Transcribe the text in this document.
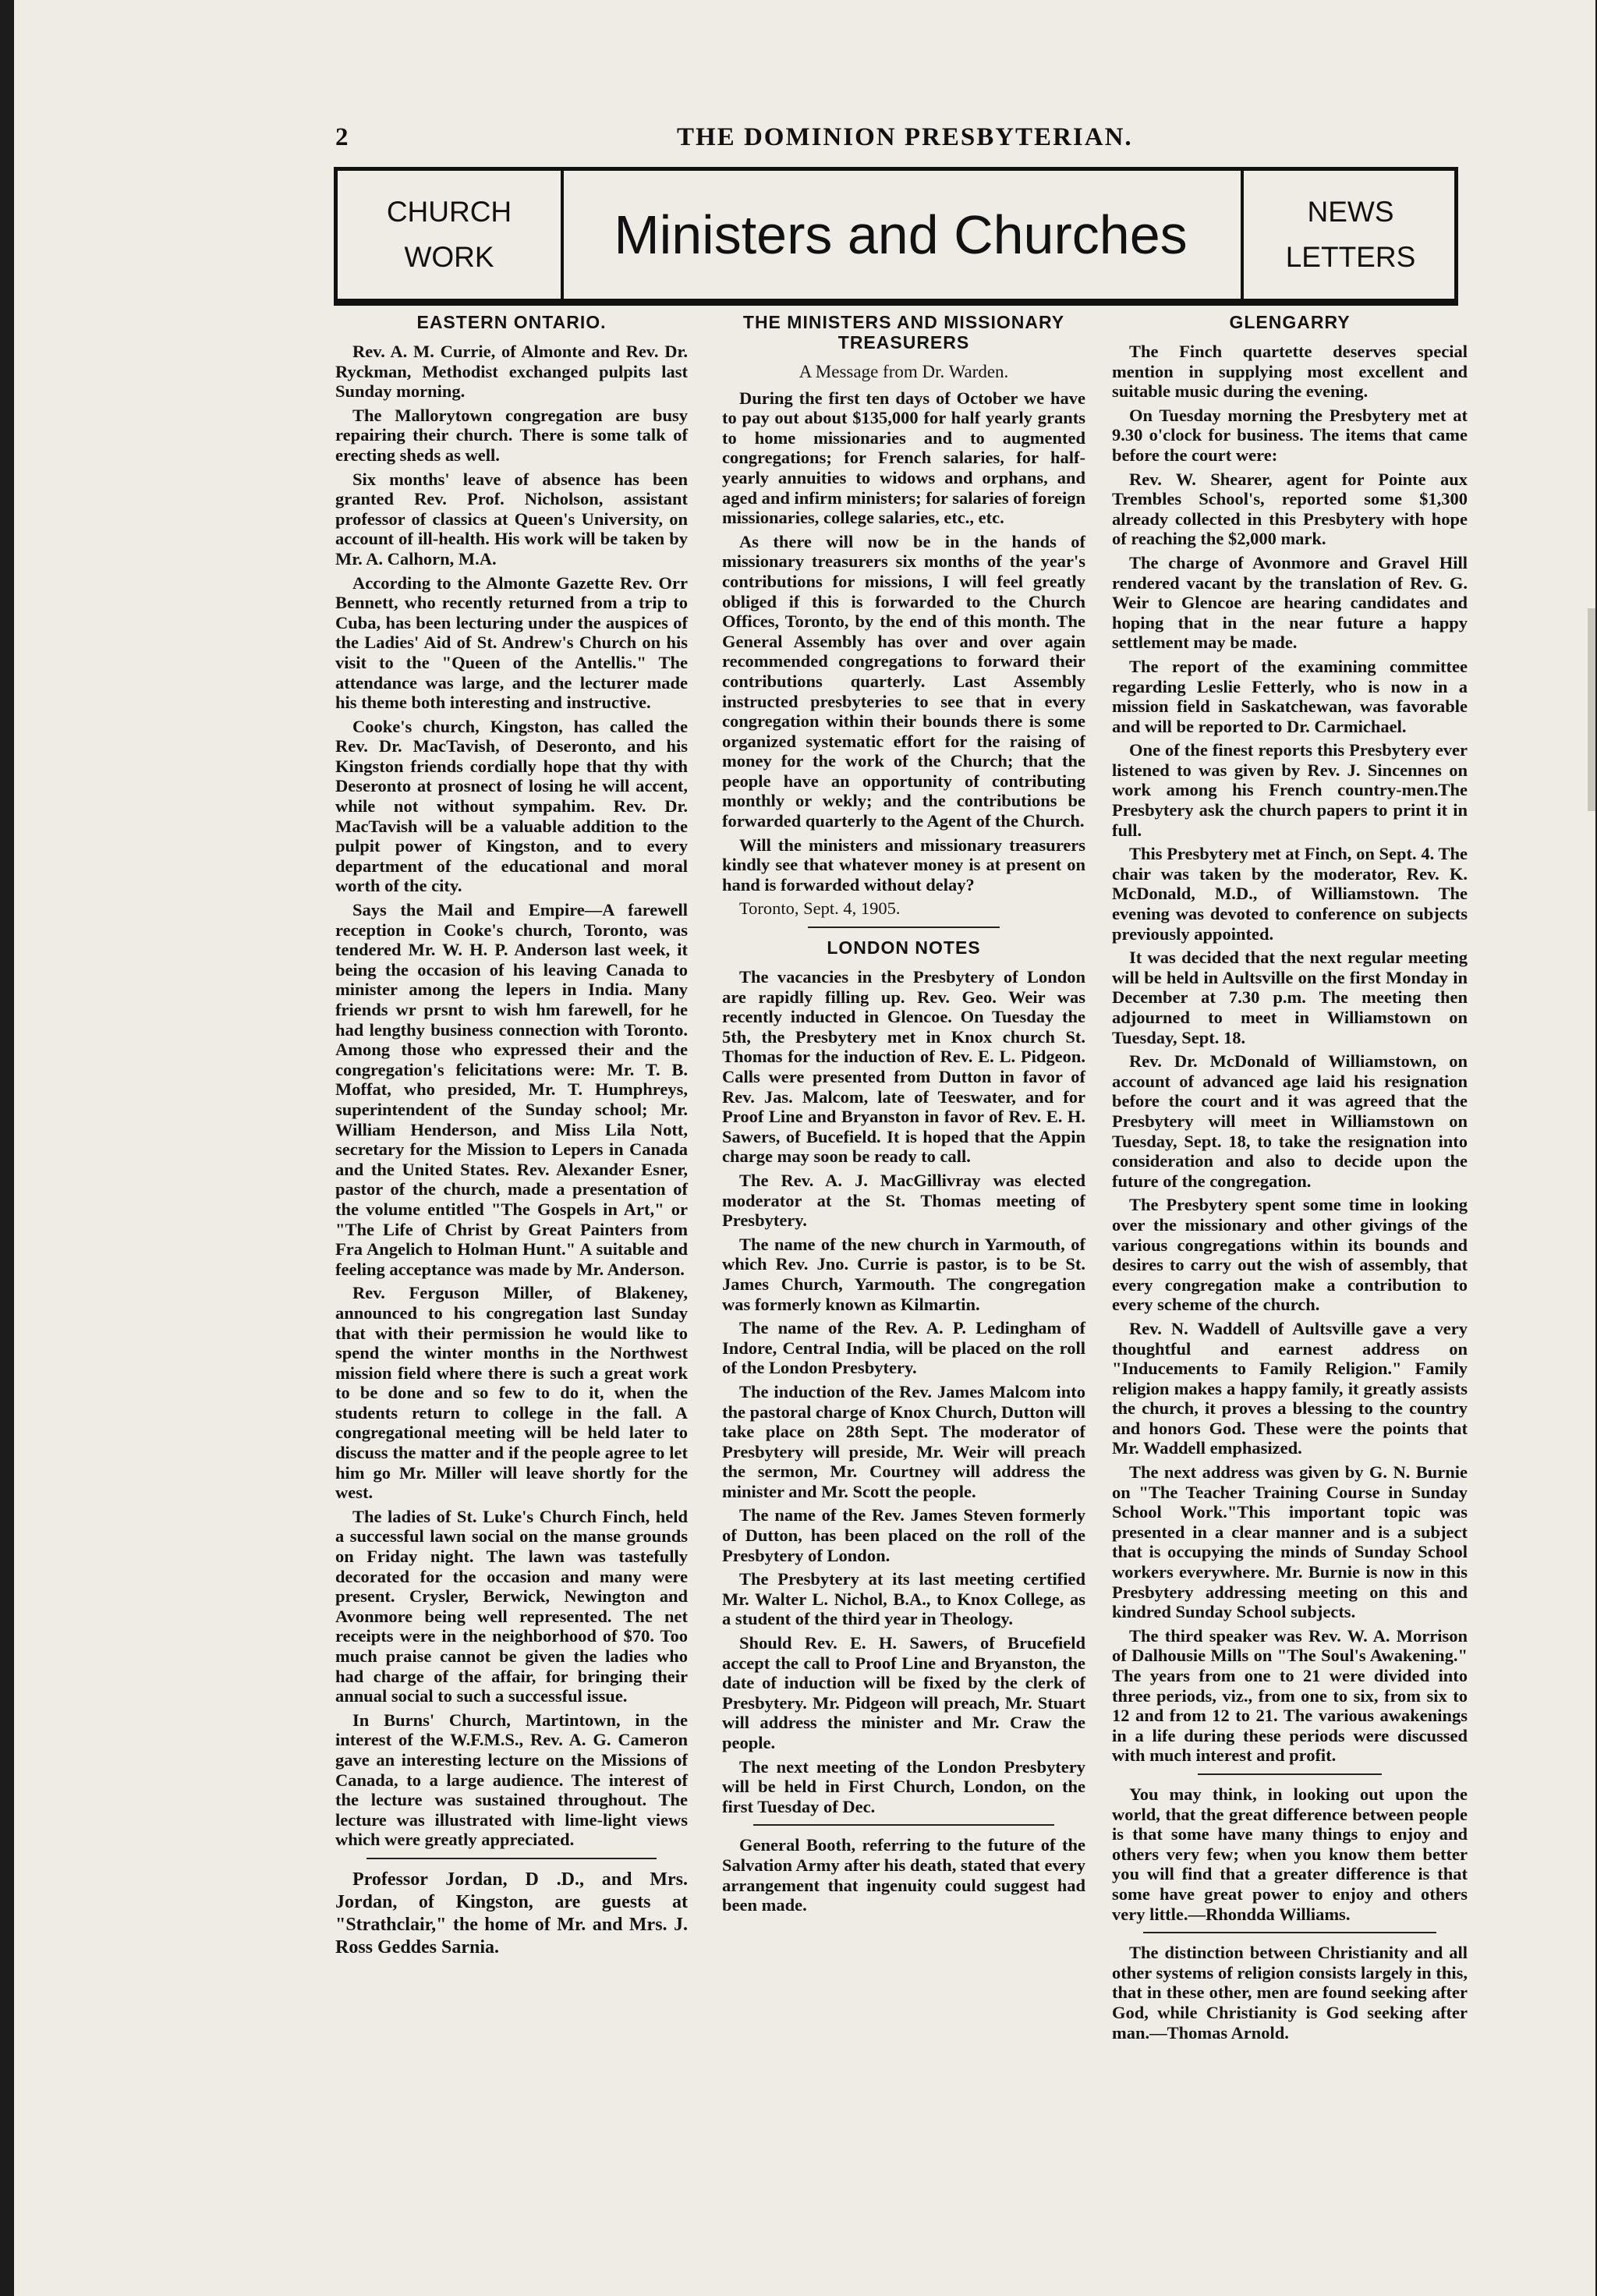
2	THE DOMINION PRESBYTERIAN.
CHURCH
WORK Ministers and Churches	NEWS
LETTERS
EASTERN ONTARIO.

Rev. A. M. Currie, of Almonte and Rev. Dr. Ryckman, Methodist exchanged pulpits last Sunday morning.

The Mallorytown congregation are busy repairing their church. There is some talk of erecting sheds as well.

Six months' leave of absence has been granted Rev. Prof. Nicholson, assistant professor of classics at Queen's University, on account of ill-health. His work will be taken by Mr. A. Calhorn, M.A.

According to the Almonte Gazette Rev. Orr Bennett, who recently returned from a trip to Cuba, has been lecturing under the auspices of the Ladies' Aid of St. Andrew's Church on his visit to the "Queen of the Antellis." The attendance was large, and the lecturer made his theme both interesting and instructive.

Cooke's church, Kingston, has called the Rev. Dr. MacTavish, of Deseronto, and his Kingston friends cordially hope that thy with Deseronto at prosnect of losing he will accent, while not without sympahim. Rev. Dr. MacTavish will be a valuable addition to the pulpit power of Kingston, and to every department of the educational and moral worth of the city.

Says the Mail and Empire—A farewell reception in Cooke's church, Toronto, was tendered Mr. W. H. P. Anderson last week, it being the occasion of his leaving Canada to minister among the lepers in India. Many friends wr prsnt to wish hm farewell, for he had lengthy business connection with Toronto. Among those who expressed their and the congregation's felicitations were: Mr. T. B. Moffat, who presided, Mr. T. Humphreys, superintendent of the Sunday school; Mr. William Henderson, and Miss Lila Nott, secretary for the Mission to Lepers in Canada and the United States. Rev. Alexander Esner, pastor of the church, made a presentation of the volume entitled "The Gospels in Art," or "The Life of Christ by Great Painters from Fra Angelich to Holman Hunt." A suitable and feeling acceptance was made by Mr. Anderson.

Rev. Ferguson Miller, of Blakeney, announced to his congregation last Sunday that with their permission he would like to spend the winter months in the Northwest mission field where there is such a great work to be done and so few to do it, when the students return to college in the fall. A congregational meeting will be held later to discuss the matter and if the people agree to let him go Mr. Miller will leave shortly for the west.

The ladies of St. Luke's Church Finch, held a successful lawn social on the manse grounds on Friday night. The lawn was tastefully decorated for the occasion and many were present. Crysler, Berwick, Newington and Avonmore being well represented. The net receipts were in the neighborhood of $70. Too much praise cannot be given the ladies who had charge of the affair, for bringing their annual social to such a successful issue.

In Burns' Church, Martintown, in the interest of the W.F.M.S., Rev. A. G. Cameron gave an interesting lecture on the Missions of Canada, to a large audience. The interest of the lecture was sustained throughout. The lecture was illustrated with lime-light views which were greatly appreciated.

Professor Jordan, D .D., and Mrs. Jordan, of Kingston, are guests at "Strathclair," the home of Mr. and Mrs. J. Ross Geddes Sarnia.

THE MINISTERS AND MISSIONARY TREASURERS
A Message from Dr. Warden.

During the first ten days of October we have to pay out about $135,000 for half yearly grants to home missionaries and to augmented congregations; for French salaries, for half-yearly annuities to widows and orphans, and aged and infirm ministers; for salaries of foreign missionaries, college salaries, etc., etc.

As there will now be in the hands of missionary treasurers six months of the year's contributions for missions, I will feel greatly obliged if this is forwarded to the Church Offices, Toronto, by the end of this month. The General Assembly has over and over again recommended congregations to forward their contributions quarterly. Last Assembly instructed presbyteries to see that in every congregation within their bounds there is some organized systematic effort for the raising of money for the work of the Church; that the people have an opportunity of contributing monthly or wekly; and the contributions be forwarded quarterly to the Agent of the Church.

Will the ministers and missionary treasurers kindly see that whatever money is at present on hand is forwarded without delay?

Toronto, Sept. 4, 1905.

LONDON NOTES

The vacancies in the Presbytery of London are rapidly filling up. Rev. Geo. Weir was recently inducted in Glencoe. On Tuesday the 5th, the Presbytery met in Knox church St. Thomas for the induction of Rev. E. L. Pidgeon. Calls were presented from Dutton in favor of Rev. Jas. Malcom, late of Teeswater, and for Proof Line and Bryanston in favor of Rev. E. H. Sawers, of Bucefield. It is hoped that the Appin charge may soon be ready to call.

The Rev. A. J. MacGillivray was elected moderator at the St. Thomas meeting of Presbytery.

The name of the new church in Yarmouth, of which Rev. Jno. Currie is pastor, is to be St. James Church, Yarmouth. The congregation was formerly known as Kilmartin.

The name of the Rev. A. P. Ledingham of Indore, Central India, will be placed on the roll of the London Presbytery.

The induction of the Rev. James Malcom into the pastoral charge of Knox Church, Dutton will take place on 28th Sept. The moderator of Presbytery will preside, Mr. Weir will preach the sermon, Mr. Courtney will address the minister and Mr. Scott the people.

The name of the Rev. James Steven formerly of Dutton, has been placed on the roll of the Presbytery of London.

The Presbytery at its last meeting certified Mr. Walter L. Nichol, B.A., to Knox College, as a student of the third year in Theology.

Should Rev. E. H. Sawers, of Brucefield accept the call to Proof Line and Bryanston, the date of induction will be fixed by the clerk of Presbytery. Mr. Pidgeon will preach, Mr. Stuart will address the minister and Mr. Craw the people.

The next meeting of the London Presbytery will be held in First Church, London, on the first Tuesday of Dec.

General Booth, referring to the future of the Salvation Army after his death, stated that every arrangement that ingenuity could suggest had been made.

GLENGARRY

The Finch quartette deserves special mention in supplying most excellent and suitable music during the evening.

On Tuesday morning the Presbytery met at 9.30 o'clock for business. The items that came before the court were:

Rev. W. Shearer, agent for Pointe aux Trembles School's, reported some $1,300 already collected in this Presbytery with hope of reaching the $2,000 mark.

The charge of Avonmore and Gravel Hill rendered vacant by the translation of Rev. G. Weir to Glencoe are hearing candidates and hoping that in the near future a happy settlement may be made.

The report of the examining committee regarding Leslie Fetterly, who is now in a mission field in Saskatchewan, was favorable and will be reported to Dr. Carmichael.

One of the finest reports this Presbytery ever listened to was given by Rev. J. Sincennes on work among his French country-men.The Presbytery ask the church papers to print it in full.

This Presbytery met at Finch, on Sept. 4. The chair was taken by the moderator, Rev. K. McDonald, M.D., of Williamstown. The evening was devoted to conference on subjects previously appointed.

It was decided that the next regular meeting will be held in Aultsville on the first Monday in December at 7.30 p.m. The meeting then adjourned to meet in Williamstown on Tuesday, Sept. 18.

Rev. Dr. McDonald of Williamstown, on account of advanced age laid his resignation before the court and it was agreed that the Presbytery will meet in Williamstown on Tuesday, Sept. 18, to take the resignation into consideration and also to decide upon the future of the congregation.

The Presbytery spent some time in looking over the missionary and other givings of the various congregations within its bounds and desires to carry out the wish of assembly, that every congregation make a contribution to every scheme of the church.

Rev. N. Waddell of Aultsville gave a very thoughtful and earnest address on "Inducements to Family Religion." Family religion makes a happy family, it greatly assists the church, it proves a blessing to the country and honors God. These were the points that Mr. Waddell emphasized.

The next address was given by G. N. Burnie on "The Teacher Training Course in Sunday School Work."This important topic was presented in a clear manner and is a subject that is occupying the minds of Sunday School workers everywhere. Mr. Burnie is now in this Presbytery addressing meeting on this and kindred Sunday School subjects.

The third speaker was Rev. W. A. Morrison of Dalhousie Mills on "The Soul's Awakening." The years from one to 21 were divided into three periods, viz., from one to six, from six to 12 and from 12 to 21. The various awakenings in a life during these periods were discussed with much interest and profit.

You may think, in looking out upon the world, that the great difference between people is that some have many things to enjoy and others very few; when you know them better you will find that a greater difference is that some have great power to enjoy and others very little.—Rhondda Williams.

The distinction between Christianity and all other systems of religion consists largely in this, that in these other, men are found seeking after God, while Christianity is God seeking after man.—Thomas Arnold.
